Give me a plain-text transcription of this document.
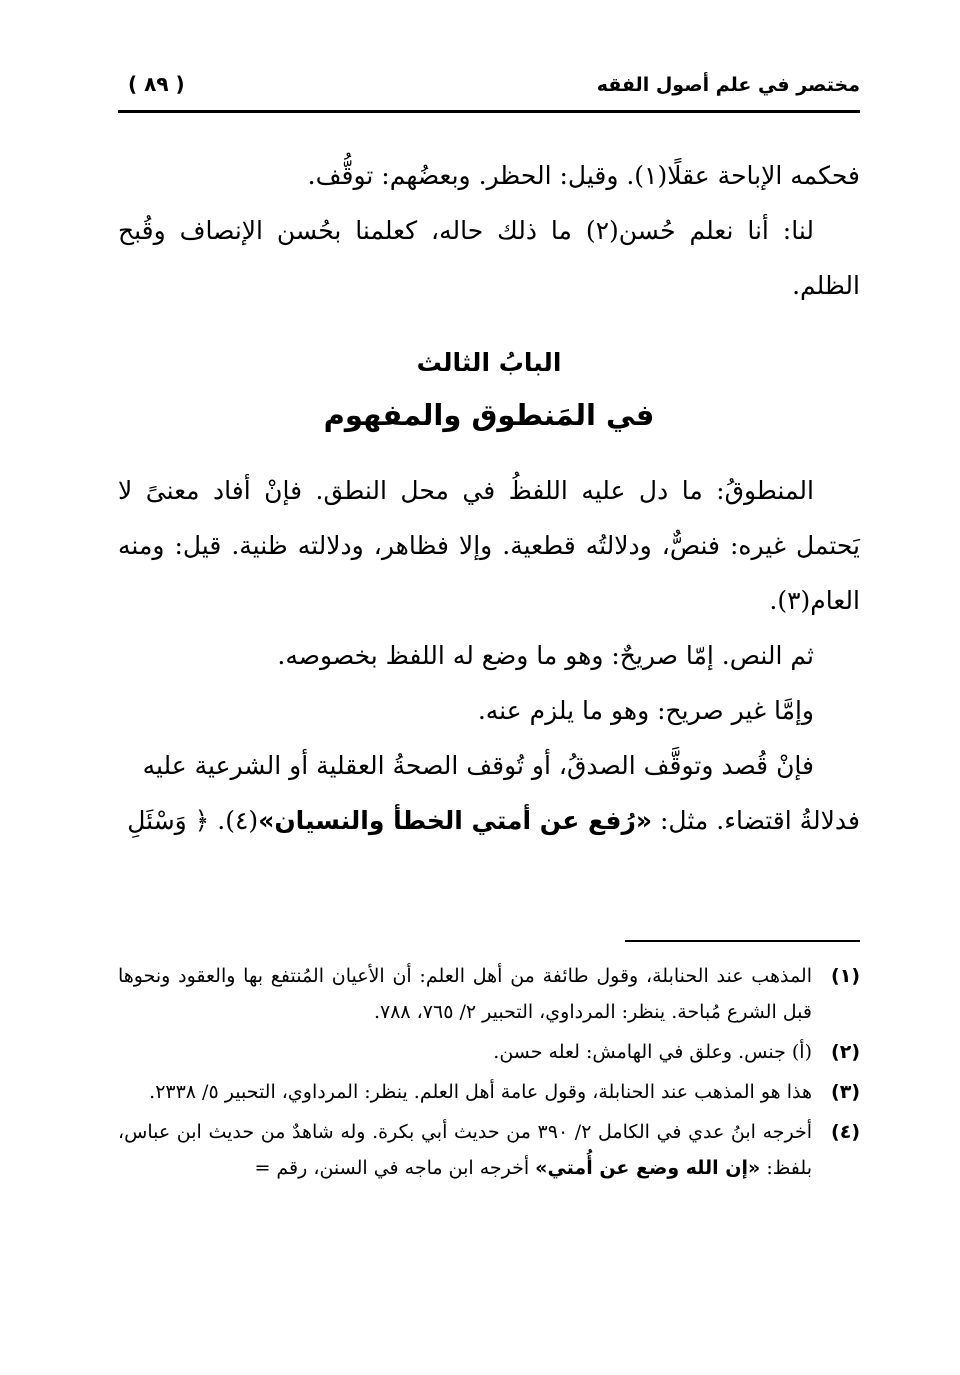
مختصر في علم أصول الفقه
( ٨٩ )

فحكمه الإباحة عقلًا(١). وقيل: الحظر. وبعضُهم: توقُّف.

لنا: أنا نعلم حُسن(٢) ما ذلك حاله، كعلمنا بحُسن الإنصاف وقُبح الظلم.

البابُ الثالث

في المَنطوق والمفهوم

المنطوقُ: ما دل عليه اللفظُ في محل النطق. فإنْ أفاد معنىً لا يَحتمل غيره: فنصٌّ، ودلالتُه قطعية. وإلا فظاهر، ودلالته ظنية. قيل: ومنه العام(٣).

ثم النص. إمّا صريحٌ: وهو ما وضع له اللفظ بخصوصه.

وإمَّا غير صريح: وهو ما يلزم عنه.

فإنْ قُصد وتوقَّف الصدقُ، أو تُوقف الصحةُ العقلية أو الشرعية عليه

فدلالةُ اقتضاء. مثل: «رُفع عن أمتي الخطأ والنسيان»(٤). ﴿ وَسْئَلِ

(١)
المذهب عند الحنابلة، وقول طائفة من أهل العلم: أن الأعيان المُنتفع بها والعقود ونحوها قبل الشرع مُباحة. ينظر: المرداوي، التحبير ٢/ ٧٦٥، ٧٨٨.
(٢)
(أ) جنس. وعلق في الهامش: لعله حسن.
(٣)
هذا هو المذهب عند الحنابلة، وقول عامة أهل العلم. ينظر: المرداوي، التحبير ٥/ ٢٣٣٨.
(٤)
أخرجه ابنُ عدي في الكامل ٢/ ٣٩٠ من حديث أبي بكرة. وله شاهدٌ من حديث ابن عباس، بلفظ: «إن الله وضع عن أُمتي» أخرجه ابن ماجه في السنن، رقم =
